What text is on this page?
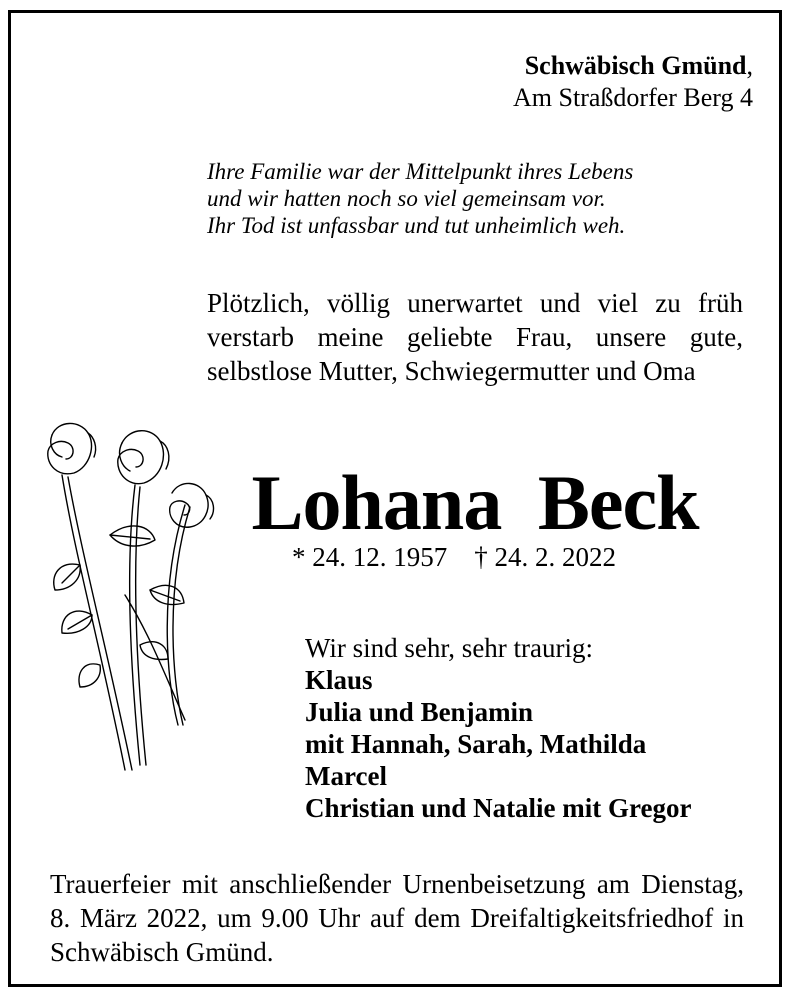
Schwäbisch Gmünd,
Am Straßdorfer Berg 4
Ihre Familie war der Mittelpunkt ihres Lebens
und wir hatten noch so viel gemeinsam vor.
Ihr Tod ist unfassbar und tut unheimlich weh.
Plötzlich, völlig unerwartet und viel zu früh verstarb meine geliebte Frau, unsere gute, selbstlose Mutter, Schwiegermutter und Oma
Lohana Beck
* 24. 12. 1957 † 24. 2. 2022
Wir sind sehr, sehr traurig:
Klaus
Julia und Benjamin
mit Hannah, Sarah, Mathilda
Marcel
Christian und Natalie mit Gregor
Trauerfeier mit anschließender Urnenbeisetzung am Dienstag, 8. März 2022, um 9.00 Uhr auf dem Dreifaltigkeitsfriedhof in Schwäbisch Gmünd.
